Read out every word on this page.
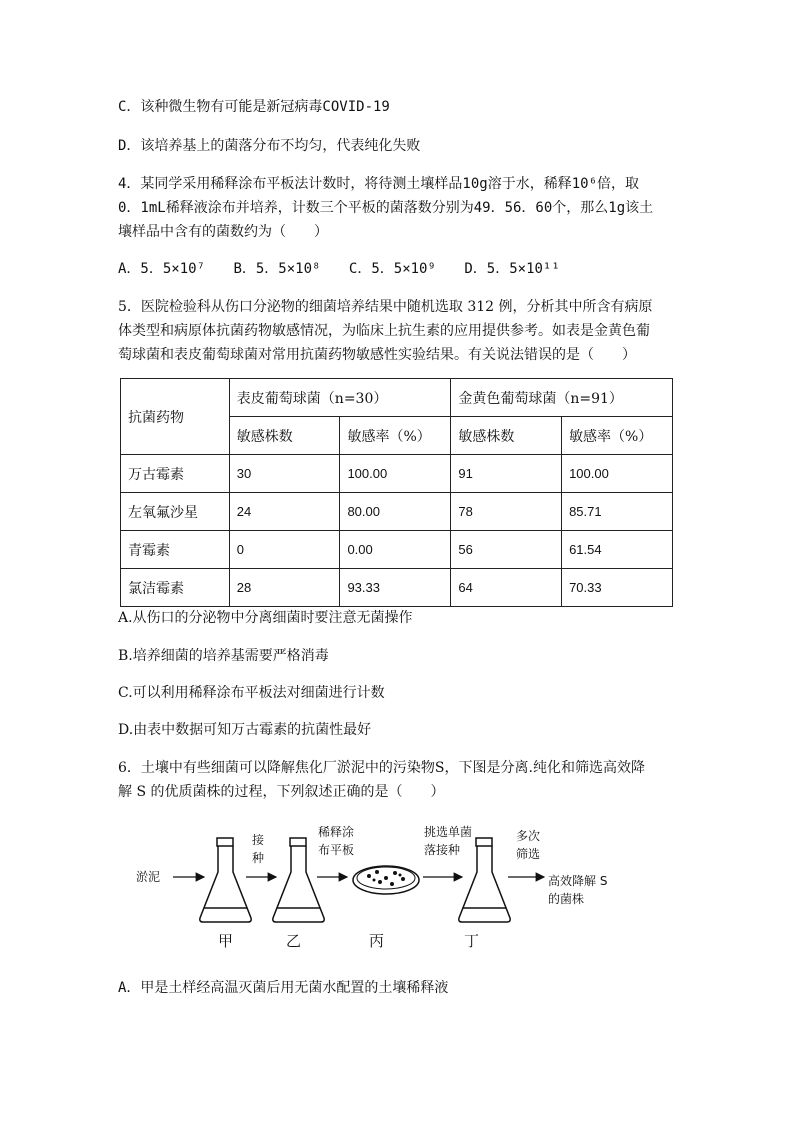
C．该种微生物有可能是新冠病毒COVID-19
D．该培养基上的菌落分布不均匀，代表纯化失败
4．某同学采用稀释涂布平板法计数时，将待测土壤样品10g溶于水，稀释10⁶倍，取
0．1mL稀释液涂布并培养，计数三个平板的菌落数分别为49．56．60个，那么1g该土
壤样品中含有的菌数约为（　　）
A．5．5×10⁷ B．5．5×10⁸ C．5．5×10⁹ D．5．5×10¹¹
5．医院检验科从伤口分泌物的细菌培养结果中随机选取 312 例，分析其中所含有病原
体类型和病原体抗菌药物敏感情况，为临床上抗生素的应用提供参考。如表是金黄色葡
萄球菌和表皮葡萄球菌对常用抗菌药物敏感性实验结果。有关说法错误的是（　　）
抗菌药物	表皮葡萄球菌（n=30）		金黄色葡萄球菌（n=91）	
	敏感株数	敏感率（%）	敏感株数	敏感率（%）
万古霉素	30	100.00	91	100.00
左氧氟沙星	24	80.00	78	85.71
青霉素	0	0.00	56	61.54
氯洁霉素	28	93.33	64	70.33
A.从伤口的分泌物中分离细菌时要注意无菌操作
B.培养细菌的培养基需要严格消毒
C.可以利用稀释涂布平板法对细菌进行计数
D.由表中数据可知万古霉素的抗菌性最好
6．土壤中有些细菌可以降解焦化厂淤泥中的污染物S，下图是分离.纯化和筛选高效降
解 S 的优质菌株的过程，下列叙述正确的是（　　）
淤泥
接
种
稀释涂
布平板
挑选单菌
落接种
多次
筛选
高效降解 S
的菌株
甲	乙	丙	丁
A．甲是土样经高温灭菌后用无菌水配置的土壤稀释液
